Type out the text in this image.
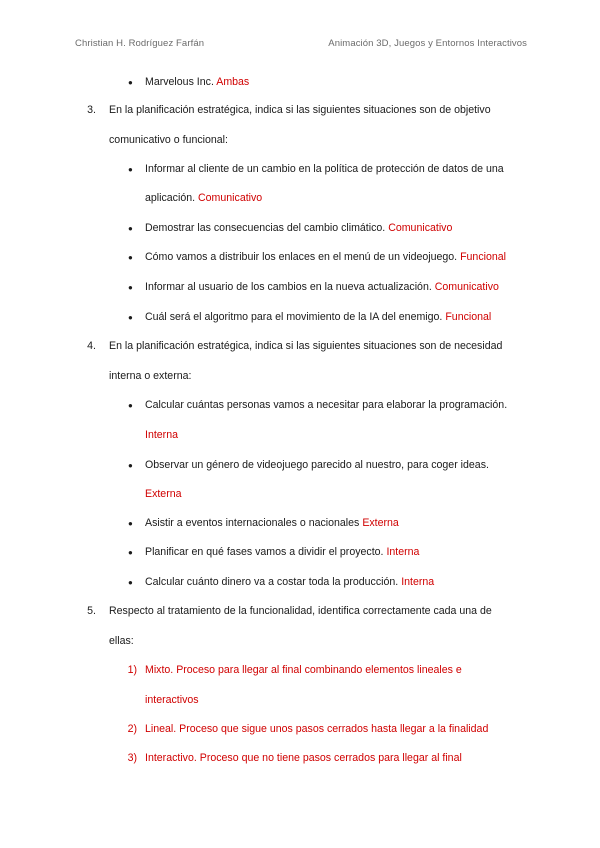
Christian H. Rodríguez Farfán	Animación 3D, Juegos y Entornos Interactivos
● Marvelous Inc. Ambas
3. En la planificación estratégica, indica si las siguientes situaciones son de objetivo
comunicativo o funcional:
● Informar al cliente de un cambio en la política de protección de datos de una
aplicación. Comunicativo
● Demostrar las consecuencias del cambio climático. Comunicativo
● Cómo vamos a distribuir los enlaces en el menú de un videojuego. Funcional
● Informar al usuario de los cambios en la nueva actualización. Comunicativo
● Cuál será el algoritmo para el movimiento de la IA del enemigo. Funcional
4. En la planificación estratégica, indica si las siguientes situaciones son de necesidad
interna o externa:
● Calcular cuántas personas vamos a necesitar para elaborar la programación.
Interna
● Observar un género de videojuego parecido al nuestro, para coger ideas.
Externa
● Asistir a eventos internacionales o nacionales Externa
● Planificar en qué fases vamos a dividir el proyecto. Interna
● Calcular cuánto dinero va a costar toda la producción. Interna
5. Respecto al tratamiento de la funcionalidad, identifica correctamente cada una de
ellas:
1) Mixto. Proceso para llegar al final combinando elementos lineales e
interactivos
2) Lineal. Proceso que sigue unos pasos cerrados hasta llegar a la finalidad
3) Interactivo. Proceso que no tiene pasos cerrados para llegar al final
